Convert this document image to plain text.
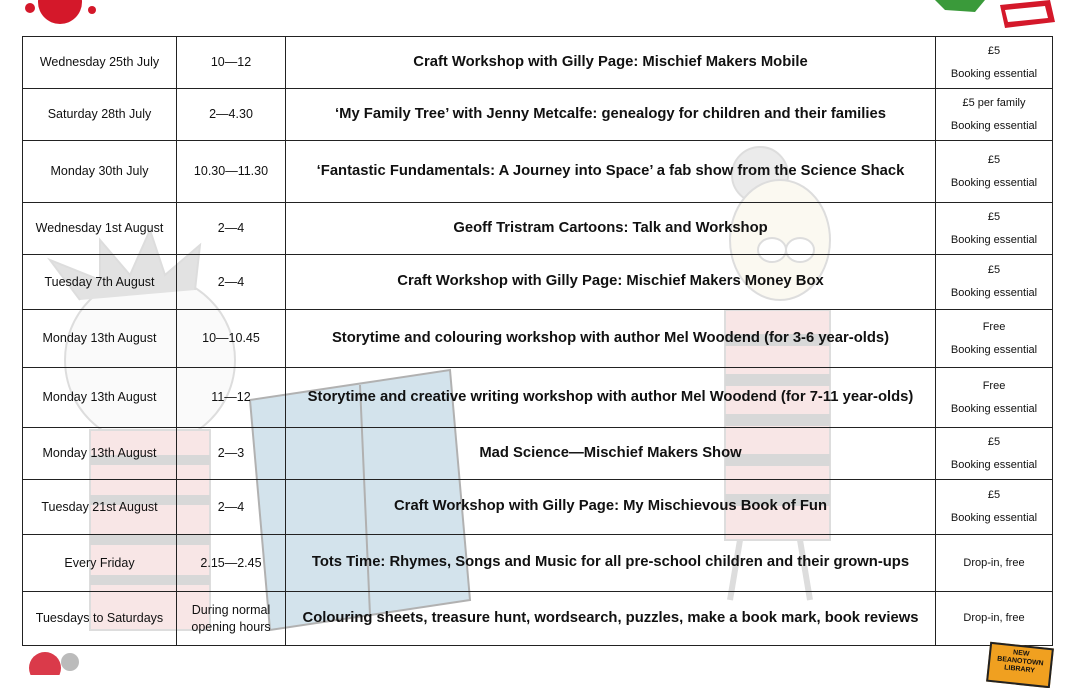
Wednesday 25th July	10—12	Craft Workshop with Gilly Page: Mischief Makers Mobile	£5
Booking essential

Saturday 28th July	2—4.30	‘My Family Tree’ with Jenny Metcalfe: genealogy for children and their families	£5 per family
Booking essential

Monday 30th July	10.30—11.30	‘Fantastic Fundamentals: A Journey into Space’ a fab show from the Science Shack	£5
Booking essential

Wednesday 1st August	2—4	Geoff Tristram Cartoons: Talk and Workshop	£5
Booking essential

Tuesday 7th August	2—4	Craft Workshop with Gilly Page: Mischief Makers Money Box	£5
Booking essential

Monday 13th August	10—10.45	Storytime and colouring workshop with author Mel Woodend (for 3-6 year-olds)	Free
Booking essential

Monday 13th August	11—12	Storytime and creative writing workshop with author Mel Woodend (for 7-11 year-olds)	Free
Booking essential

Monday 13th August	2—3	Mad Science—Mischief Makers Show	£5
Booking essential

Tuesday 21st August	2—4	Craft Workshop with Gilly Page: My Mischievous Book of Fun	£5
Booking essential

Every Friday	2.15—2.45	Tots Time: Rhymes, Songs and Music for all pre-school children and their grown-ups	Drop-in, free

Tuesdays to Saturdays	During normal
opening hours	Colouring sheets, treasure hunt, wordsearch, puzzles, make a book mark, book reviews	Drop-in, free
NEW
BEANOTOWN
LIBRARY
